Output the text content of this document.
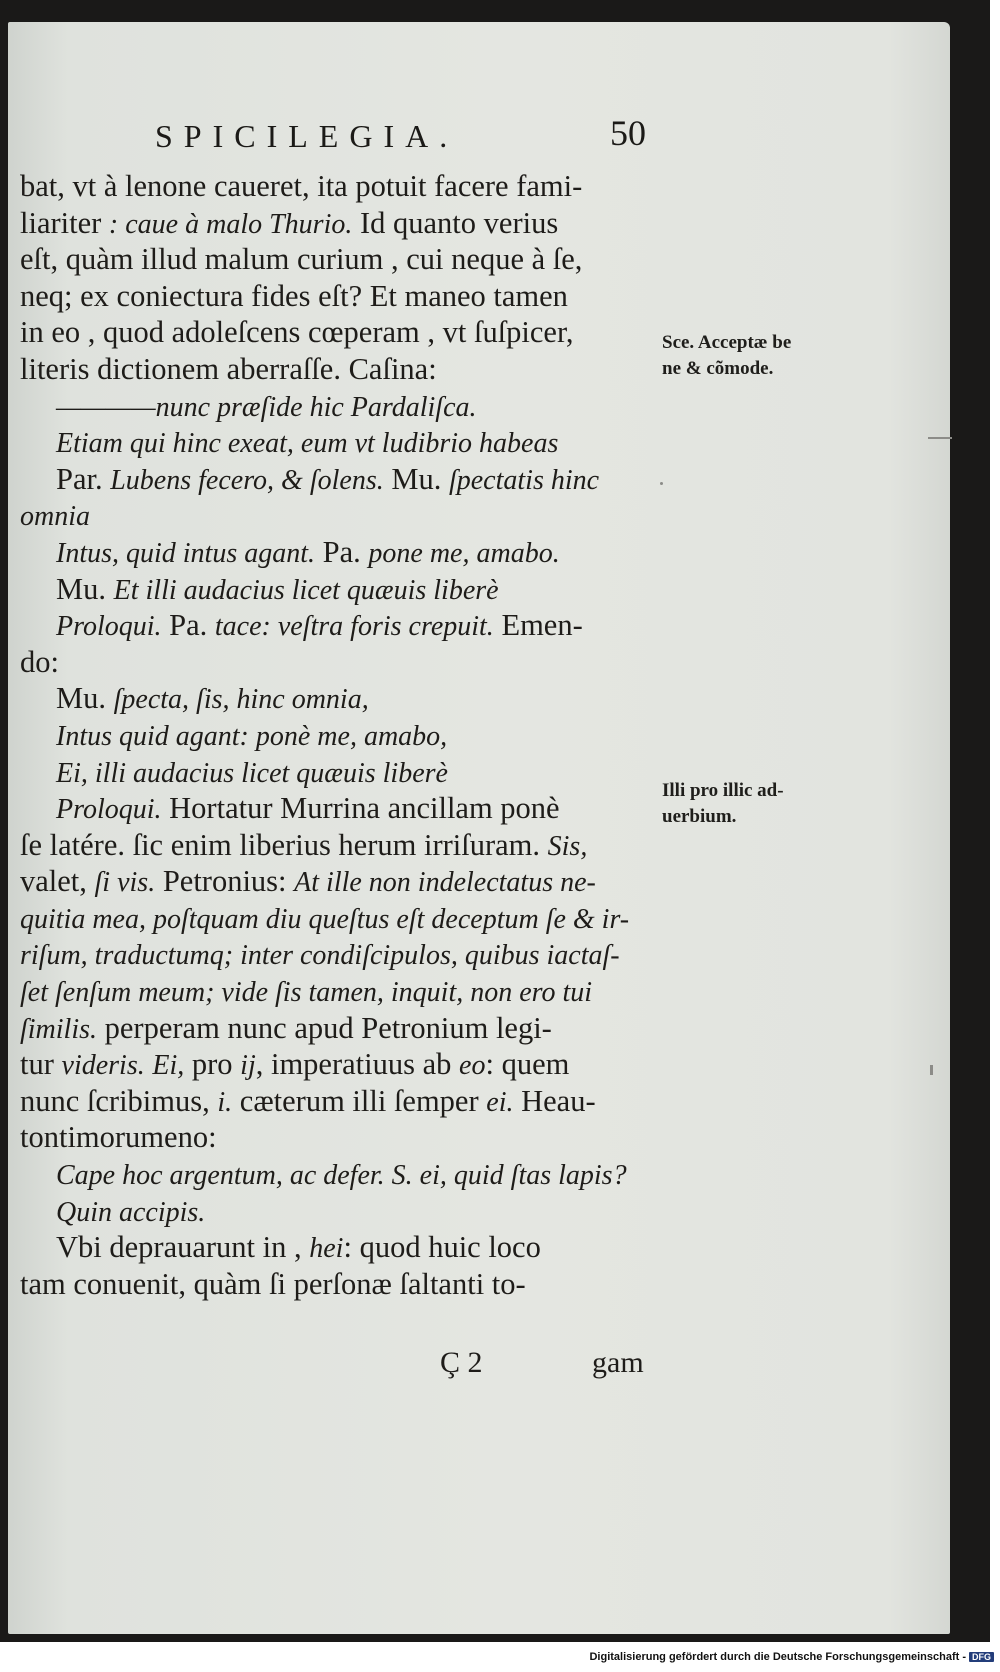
SPICILEGIA.	50
bat, vt à lenone caueret, ita potuit facere fami-
liariter : caue à malo Thurio. Id quanto verius
eſt, quàm illud malum curium , cui neque à ſe,
neq; ex coniectura fides eſt? Et maneo tamen
in eo , quod adoleſcens cœperam , vt ſuſpicer,
literis dictionem aberraſſe. Caſina:
————nunc præſide hic Pardaliſca.
Etiam qui hinc exeat, eum vt ludibrio habeas
Par. Lubens fecero, & ſolens. Mu. ſpectatis hinc
omnia
Intus, quid intus agant. Pa. pone me, amabo.
Mu. Et illi audacius licet quæuis liberè
Proloqui. Pa. tace: veſtra foris crepuit. Emen-
do:
Mu. ſpecta, ſis, hinc omnia,
Intus quid agant: ponè me, amabo,
Ei, illi audacius licet quæuis liberè
Proloqui. Hortatur Murrina ancillam ponè
ſe latére. ſic enim liberius herum irriſuram. Sis,
valet, ſi vis. Petronius: At ille non indelectatus ne-
quitia mea, poſtquam diu queſtus eſt deceptum ſe & ir-
riſum, traductumq; inter condiſcipulos, quibus iactaſ-
ſet ſenſum meum; vide ſis tamen, inquit, non ero tui
ſimilis. perperam nunc apud Petronium legi-
tur videris. Ei, pro ij, imperatiuus ab eo: quem
nunc ſcribimus, i. cæterum illi ſemper ei. Heau-
tontimorumeno:
Cape hoc argentum, ac defer. S. ei, quid ſtas lapis?
Quin accipis.
Vbi deprauarunt in , hei: quod huic loco
tam conuenit, quàm ſi perſonæ ſaltanti to-
Sce. Acceptæ be
ne & cõmode.
Illi pro illic ad-
uerbium.
Ç 2	gam
Digitalisierung gefördert durch die Deutsche Forschungsgemeinschaft - DFG
